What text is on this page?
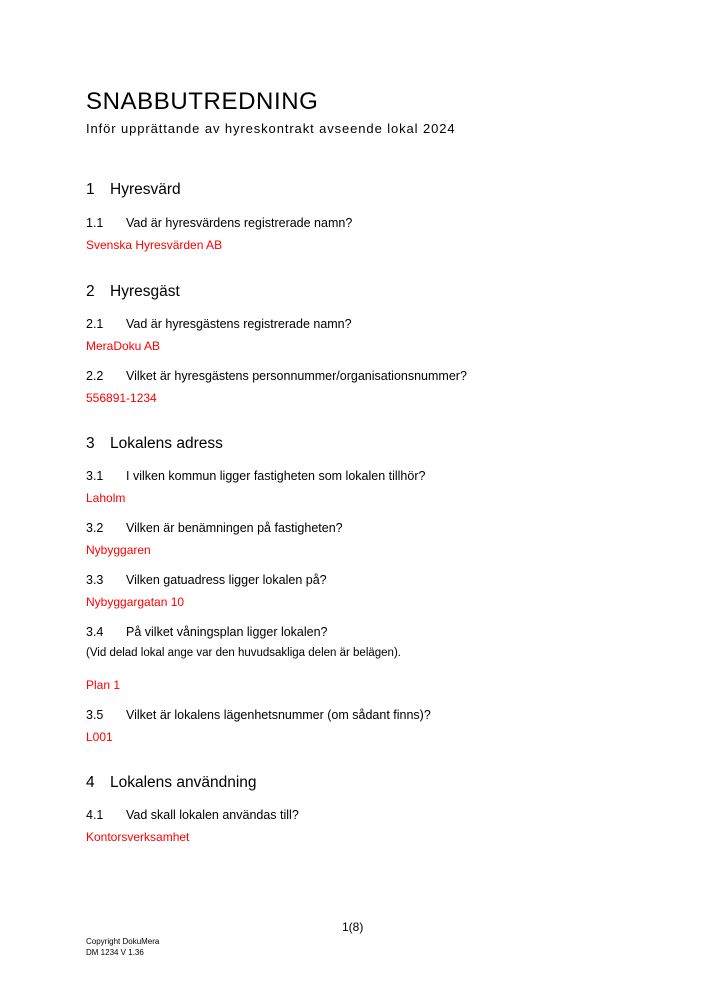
SNABBUTREDNING
Inför upprättande av hyreskontrakt avseende lokal 2024
1 Hyresvärd
1.1 Vad är hyresvärdens registrerade namn?
Svenska Hyresvärden AB
2 Hyresgäst
2.1 Vad är hyresgästens registrerade namn?
MeraDoku AB
2.2 Vilket är hyresgästens personnummer/organisationsnummer?
556891-1234
3 Lokalens adress
3.1 I vilken kommun ligger fastigheten som lokalen tillhör?
Laholm
3.2 Vilken är benämningen på fastigheten?
Nybyggaren
3.3 Vilken gatuadress ligger lokalen på?
Nybyggargatan 10
3.4 På vilket våningsplan ligger lokalen?
(Vid delad lokal ange var den huvudsakliga delen är belägen).
Plan 1
3.5 Vilket är lokalens lägenhetsnummer (om sådant finns)?
L001
4 Lokalens användning
4.1 Vad skall lokalen användas till?
Kontorsverksamhet
1(8)
Copyright DokuMera
DM 1234 V 1.36
